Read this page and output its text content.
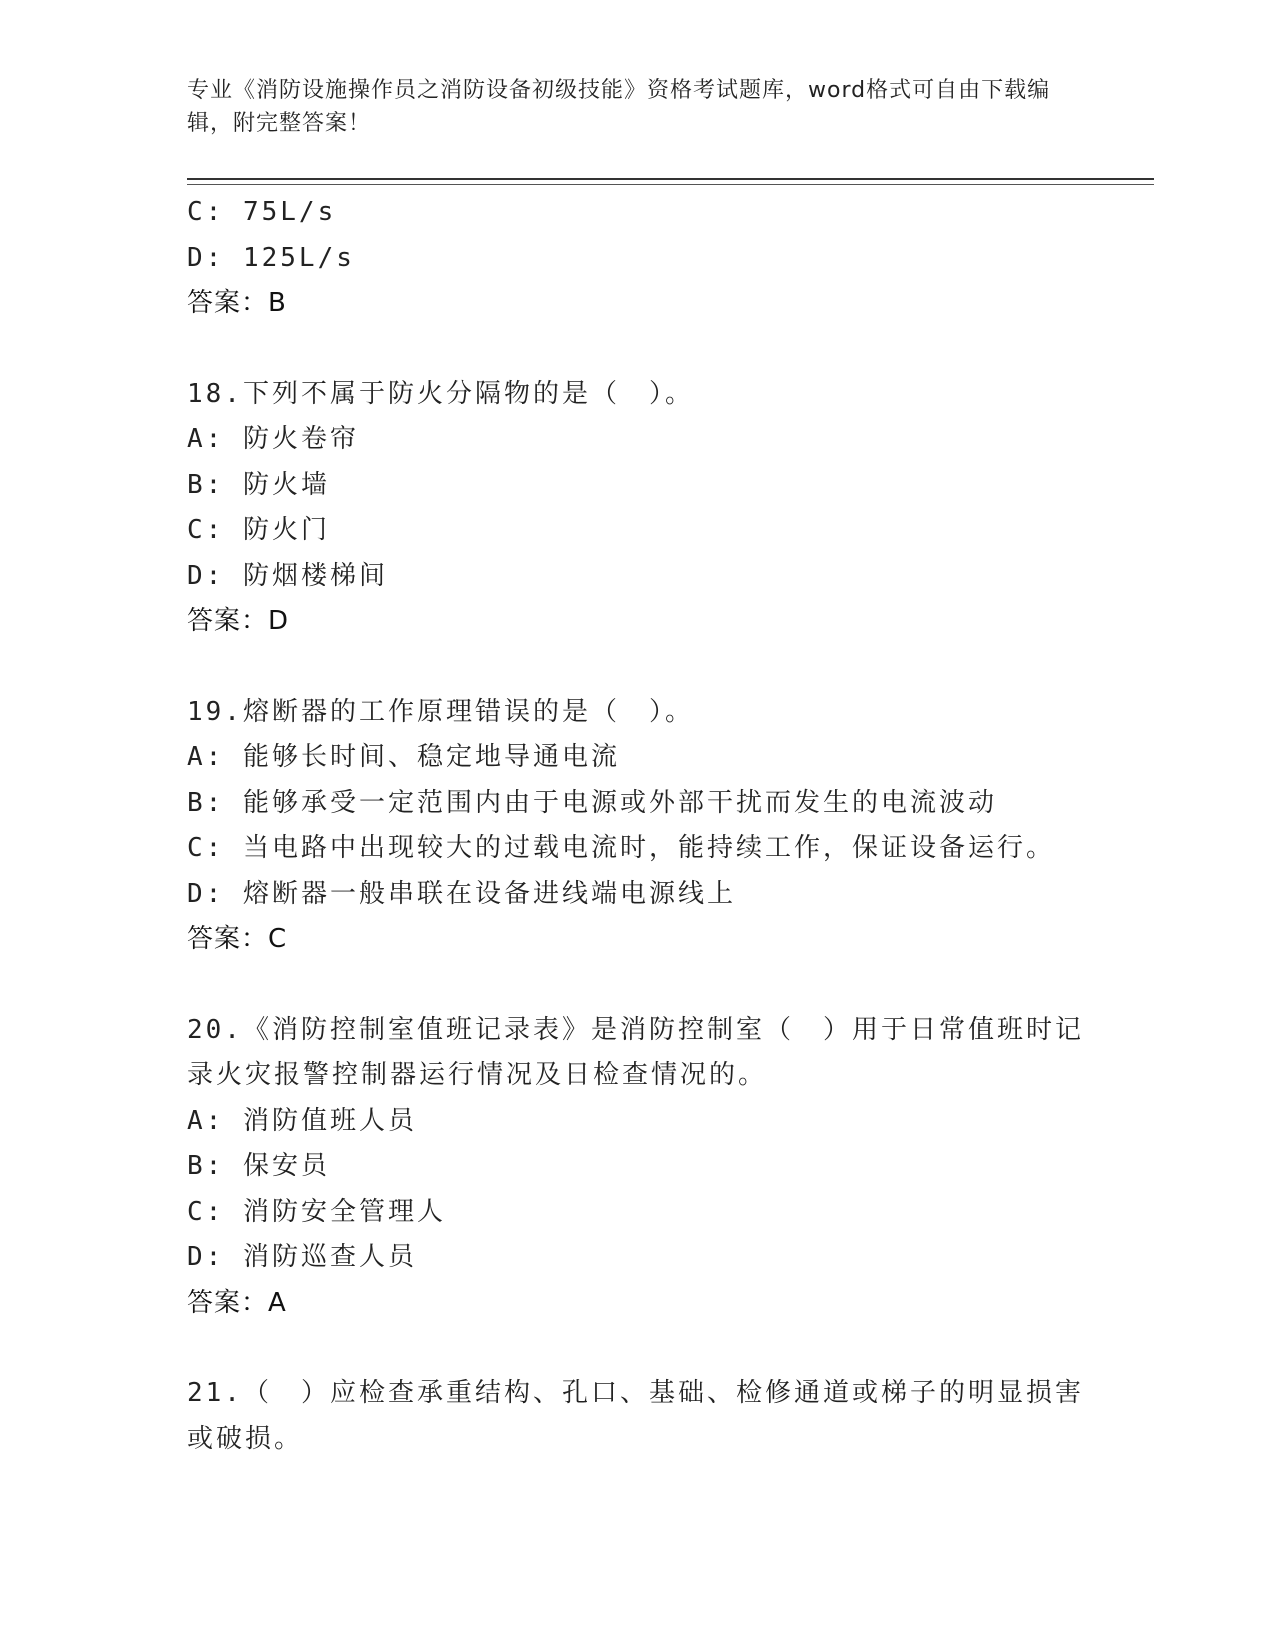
专业《消防设施操作员之消防设备初级技能》资格考试题库，word格式可自由下载编辑，附完整答案！
C: 75L/s
D: 125L/s
答案：B
18.下列不属于防火分隔物的是（　）。
A: 防火卷帘
B: 防火墙
C: 防火门
D: 防烟楼梯间
答案：D
19.熔断器的工作原理错误的是（　）。
A: 能够长时间、稳定地导通电流
B: 能够承受一定范围内由于电源或外部干扰而发生的电流波动
C: 当电路中出现较大的过载电流时，能持续工作，保证设备运行。
D: 熔断器一般串联在设备进线端电源线上
答案：C
20.《消防控制室值班记录表》是消防控制室（　）用于日常值班时记录火灾报警控制器运行情况及日检查情况的。
A: 消防值班人员
B: 保安员
C: 消防安全管理人
D: 消防巡查人员
答案：A
21.（　）应检查承重结构、孔口、基础、检修通道或梯子的明显损害或破损。
